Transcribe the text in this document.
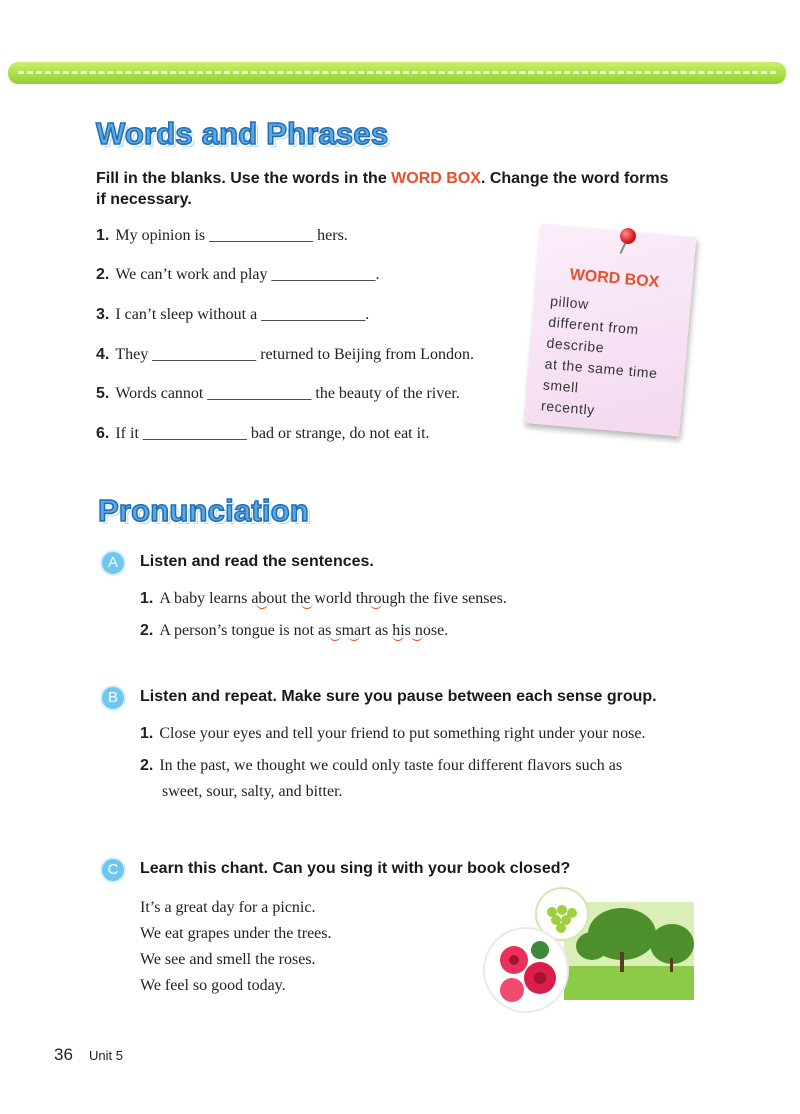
Words and Phrases
Fill in the blanks. Use the words in the WORD BOX. Change the word forms
if necessary.
1. My opinion is _____________ hers.
2. We can’t work and play _____________.
3. I can’t sleep without a _____________.
4. They _____________ returned to Beijing from London.
5. Words cannot _____________ the beauty of the river.
6. If it _____________ bad or strange, do not eat it.
WORD BOX
pillow
different from
describe
at the same time
smell
recently
Pronunciation
A	Listen and read the sentences.
1. A baby learns about the world through the five senses.
2. A person’s tongue is not as smart as his nose.
B	Listen and repeat. Make sure you pause between each sense group.
1. Close your eyes and tell your friend to put something right under your nose.
2. In the past, we thought we could only taste four different flavors such as
sweet, sour, salty, and bitter.
C	Learn this chant. Can you sing it with your book closed?
It’s a great day for a picnic.
We eat grapes under the trees.
We see and smell the roses.
We feel so good today.
36 Unit 5
